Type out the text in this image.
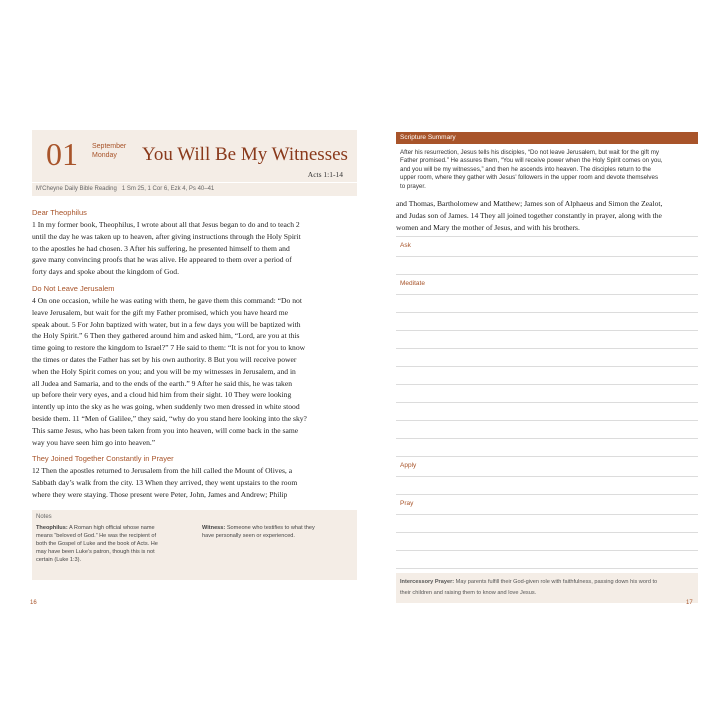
01 September
Monday	You Will Be My Witnesses
Acts 1:1-14
M'Cheyne Daily Bible Reading 1 Sm 25, 1 Cor 6, Ezk 4, Ps 40–41

Dear Theophilus

1 In my former book, Theophilus, I wrote about all that Jesus began to do and to teach 2

until the day he was taken up to heaven, after giving instructions through the Holy Spirit

to the apostles he had chosen. 3 After his suffering, he presented himself to them and

gave many convincing proofs that he was alive. He appeared to them over a period of

forty days and spoke about the kingdom of God.

Do Not Leave Jerusalem

4 On one occasion, while he was eating with them, he gave them this command: “Do not

leave Jerusalem, but wait for the gift my Father promised, which you have heard me

speak about. 5 For John baptized with water, but in a few days you will be baptized with

the Holy Spirit.” 6 Then they gathered around him and asked him, “Lord, are you at this

time going to restore the kingdom to Israel?” 7 He said to them: “It is not for you to know

the times or dates the Father has set by his own authority. 8 But you will receive power

when the Holy Spirit comes on you; and you will be my witnesses in Jerusalem, and in

all Judea and Samaria, and to the ends of the earth.” 9 After he said this, he was taken

up before their very eyes, and a cloud hid him from their sight. 10 They were looking

intently up into the sky as he was going, when suddenly two men dressed in white stood

beside them. 11 “Men of Galilee,” they said, “why do you stand here looking into the sky?

This same Jesus, who has been taken from you into heaven, will come back in the same

way you have seen him go into heaven.”

They Joined Together Constantly in Prayer

12 Then the apostles returned to Jerusalem from the hill called the Mount of Olives, a

Sabbath day’s walk from the city. 13 When they arrived, they went upstairs to the room

where they were staying. Those present were Peter, John, James and Andrew; Philip

Notes
Theophilus: A Roman high official whose name
means “beloved of God.” He was the recipient of
both the Gospel of Luke and the book of Acts. He
may have been Luke’s patron, though this is not
certain (Luke 1:3).
Witness: Someone who testifies to what they
have personally seen or experienced.
16
Scripture Summary
After his resurrection, Jesus tells his disciples, “Do not leave Jerusalem, but wait for the gift my
Father promised.” He assures them, “You will receive power when the Holy Spirit comes on you,
and you will be my witnesses,” and then he ascends into heaven. The disciples return to the
upper room, where they gather with Jesus’ followers in the upper room and devote themselves
to prayer.

and Thomas, Bartholomew and Matthew; James son of Alphaeus and Simon the Zealot,

and Judas son of James. 14 They all joined together constantly in prayer, along with the

women and Mary the mother of Jesus, and with his brothers.

Ask
Meditate
Apply
Pray
Intercessory Prayer: May parents fulfill their God-given role with faithfulness, passing down his word to
their children and raising them to know and love Jesus.
17
